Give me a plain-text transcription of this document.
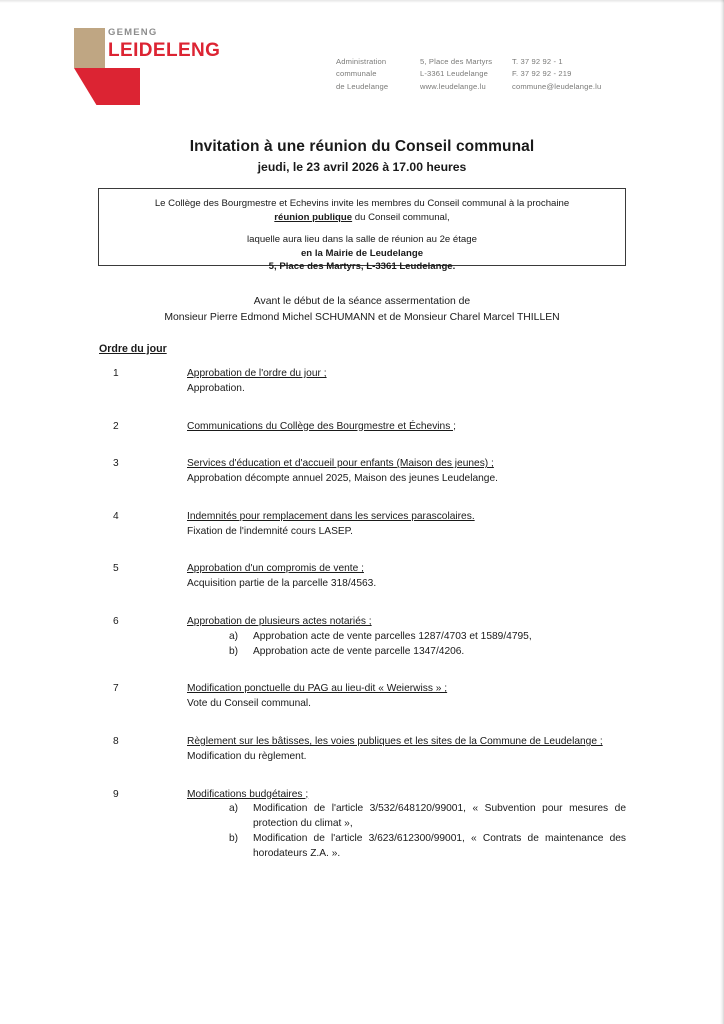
GEMENG
LEIDELENG
Administration
communale
de Leudelange
5, Place des Martyrs
L-3361 Leudelange
www.leudelange.lu
T. 37 92 92 - 1
F. 37 92 92 - 219
commune@leudelange.lu
Invitation à une réunion du Conseil communal
jeudi, le 23 avril 2026 à 17.00 heures
Le Collège des Bourgmestre et Echevins invite les membres du Conseil communal à la prochaine
réunion publique du Conseil communal,
laquelle aura lieu dans la salle de réunion au 2e étage
en la Mairie de Leudelange
5, Place des Martyrs, L-3361 Leudelange.
Avant le début de la séance assermentation de
Monsieur Pierre Edmond Michel SCHUMANN et de Monsieur Charel Marcel THILLEN
Ordre du jour
1	Approbation de l'ordre du jour ;
Approbation.
2	Communications du Collège des Bourgmestre et Échevins ;
3	Services d'éducation et d'accueil pour enfants (Maison des jeunes) ;
Approbation décompte annuel 2025, Maison des jeunes Leudelange.
4	Indemnités pour remplacement dans les services parascolaires.
Fixation de l'indemnité cours LASEP.
5	Approbation d'un compromis de vente ;
Acquisition partie de la parcelle 318/4563.
6	Approbation de plusieurs actes notariés ;
a)	Approbation acte de vente parcelles 1287/4703 et 1589/4795,
b)	Approbation acte de vente parcelle 1347/4206.
7	Modification ponctuelle du PAG au lieu-dit « Weierwiss » ;
Vote du Conseil communal.
8	Règlement sur les bâtisses, les voies publiques et les sites de la Commune de Leudelange ;
Modification du règlement.
9	Modifications budgétaires ;
a)	Modification de l'article 3/532/648120/99001, « Subvention pour mesures de protection du climat »,
b)	Modification de l'article 3/623/612300/99001, « Contrats de maintenance des horodateurs Z.A. ».
